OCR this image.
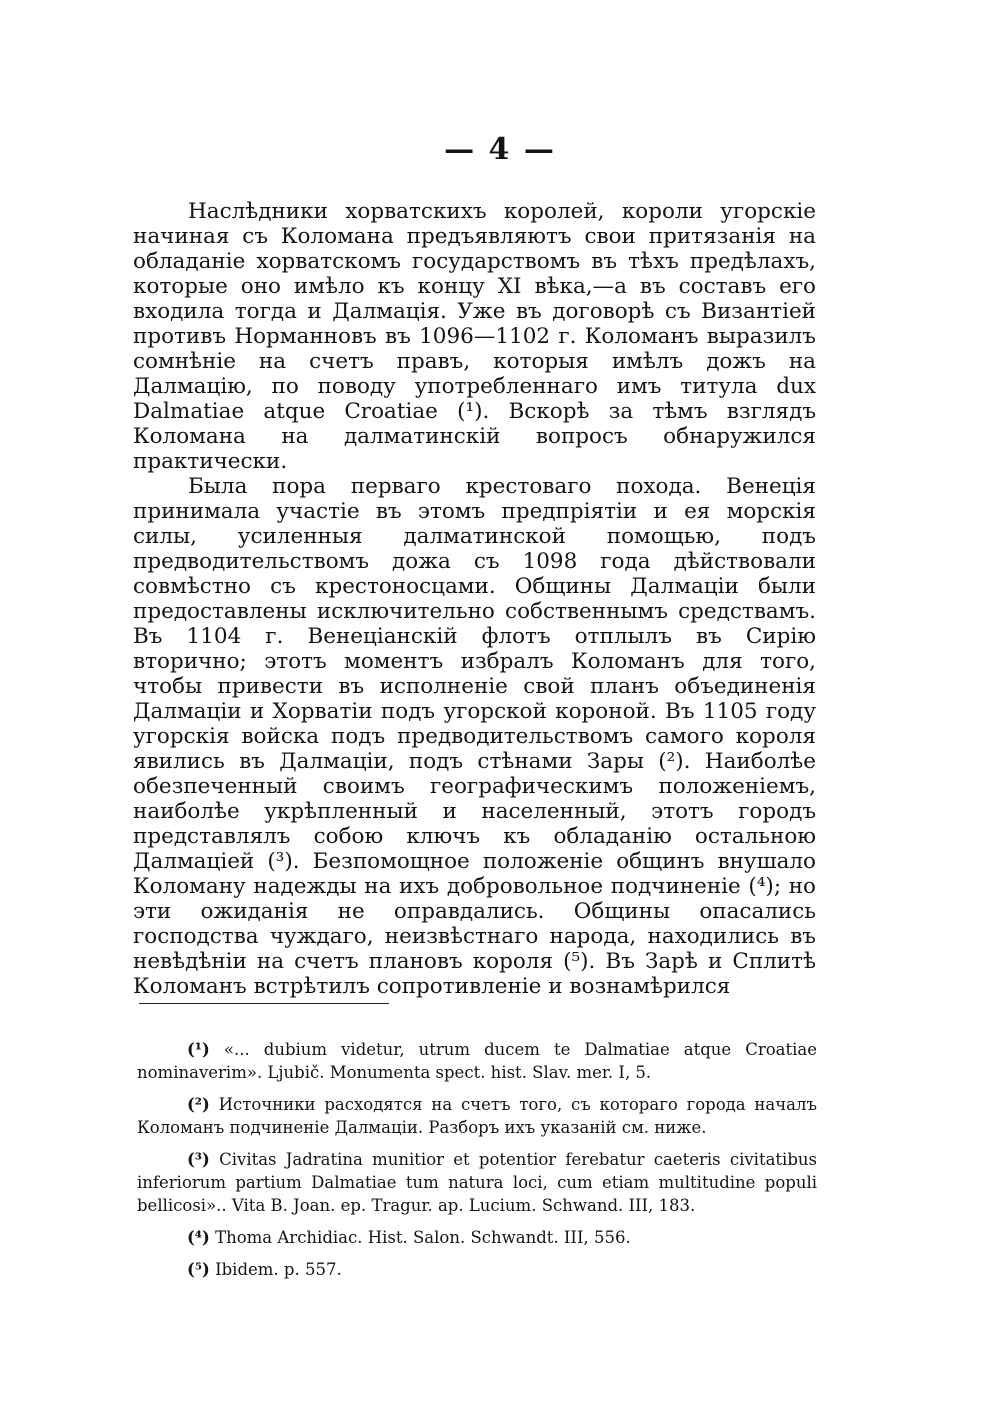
— 4 —

Наслѣдники хорватскихъ королей, короли угорскіе начиная съ Коломана предъявляютъ свои притязанія на обладаніе хорватскомъ государствомъ въ тѣхъ предѣлахъ, которые оно имѣло къ концу XI вѣка,—а въ составъ его входила тогда и Далмація. Уже въ договорѣ съ Византіей противъ Норманновъ въ 1096—1102 г. Коломанъ выразилъ сомнѣніе на счетъ правъ, которыя имѣлъ дожъ на Далмацію, по поводу употребленнаго имъ титула dux Dalmatiae atque Croatiae (¹). Вскорѣ за тѣмъ взглядъ Коломана на далматинскій вопросъ обнаружился практически.

Была пора перваго крестоваго похода. Венеція принимала участіе въ этомъ предпріятіи и ея морскія силы, усиленныя далматинской помощью, подъ предводительствомъ дожа съ 1098 года дѣйствовали совмѣстно съ крестоносцами. Общины Далмаціи были предоставлены исключительно собственнымъ средствамъ. Въ 1104 г. Венеціанскій флотъ отплылъ въ Сирію вторично; этотъ моментъ избралъ Коломанъ для того, чтобы привести въ исполненіе свой планъ объединенія Далмаціи и Хорватіи подъ угорской короной. Въ 1105 году угорскія войска подъ предводительствомъ самого короля явились въ Далмаціи, подъ стѣнами Зары (²). Наиболѣе обезпеченный своимъ географическимъ положеніемъ, наиболѣе укрѣпленный и населенный, этотъ городъ представлялъ собою ключъ къ обладанію остальною Далмаціей (³). Безпомощное положеніе общинъ внушало Коломану надежды на ихъ добровольное подчиненіе (⁴); но эти ожиданія не оправдались. Общины опасались господства чуждаго, неизвѣстнаго народа, находились въ невѣдѣніи на счетъ плановъ короля (⁵). Въ Зарѣ и Сплитѣ Коломанъ встрѣтилъ сопротивленіе и вознамѣрился

(¹) «... dubium videtur, utrum ducem te Dalmatiae atque Croatiae nominaverim». Ljubič. Monumenta spect. hist. Slav. mer. I, 5.

(²) Источники расходятся на счетъ того, съ котораго города началъ Коломанъ подчиненіе Далмаціи. Разборъ ихъ указаній см. ниже.

(³) Civitas Jadratina munitior et potentior ferebatur caeteris civitatibus inferiorum partium Dalmatiae tum natura loci, cum etiam multitudine populi bellicosi».. Vita B. Joan. ep. Tragur. ap. Lucium. Schwand. III, 183.

(⁴) Thoma Archidiac. Hist. Salon. Schwandt. III, 556.

(⁵) Ibidem. p. 557.
